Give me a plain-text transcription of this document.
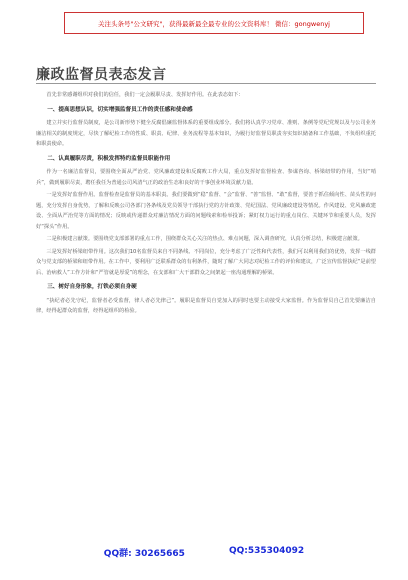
关注头条号"公文研究"，获得最新最全最专业的公文资料库！ 微信：gongwenyj
廉政监督员表态发言

首先非常感谢组织对我们的信任，我们一定会履职尽责、发挥好作用。在此表态如下：

一、提高思想认识，切实增强监督员工作的责任感和使命感

建立并实行监督员制度，是公司新形势下健全反腐倡廉监督体系的重要组成部分。我们将认真学习党章、准则、条例等党纪党规以及与公司业务廉洁相关的制度规定，尽快了解纪检工作的性质、职责、纪律、业务流程等基本知识，为履行好监督员职责夯实知识储备和工作基础，不负组织重托和职责使命。

二、认真履职尽责，积极发挥特约监督员职能作用

作为一名廉洁监督员，要围绕全面从严治党、党风廉政建设和反腐败工作大局，重点发挥好监督检查、参谋咨询、桥梁纽带的作用，当好“哨兵”，做到履职尽责，聘任我任为普通公司风清气正的政治生态和良好的干事创业环境贡献力量。

一是发挥好监督作用。监督检查是监督员的基本职责。我们要做到“稳”监督、“会”监督、“善”监督、“敢”监督，要善于抓住倾向性、苗头性的问题，充分发挥自身优势，了解和反映公司各部门各条线及党员领导干部执行党的方针政策、党纪国法、党风廉政建设等情况。作风建设、党风廉政建设、全面从严治党等方面的情况；反映或传递群众对廉洁情况方面的问题线索和检举投诉；紧盯权力运行的重点岗位、关键环节和重要人员，发挥好“探头”作用。

二是积极建言献策。要围绕党支部部署的重点工作，围绕群众关心关注的热点、难点问题，深入调查研究，认真分析总结，积极建言献策。

三是发挥好桥梁纽带作用。这次我们10名监督员来自不同条线、不同岗位，充分考虑了广泛性和代表性，我们可以利用我们的优势，发挥一线群众与党支部的桥梁和纽带作用。在工作中，要利用广泛联系群众的有利条件，随时了解广大同志对纪检工作的评价和建议，广泛宣传监督执纪“是前望后、治病救人”工作方针和“严管就是厚爱”的理念，在支部和广大干部群众之间架起一座沟通理解的桥梁。

三、树好自身形象，打铁必须自身硬

“执纪者必先守纪，监督者必受监督，律人者必先律己”。履职是监督员自觉加入的同时也要主动接受大家监督。作为监督员自己首先要廉洁自律，经得起群众的监督，经得起组织的检验。

QQ群: 30265665	QQ:535304092
